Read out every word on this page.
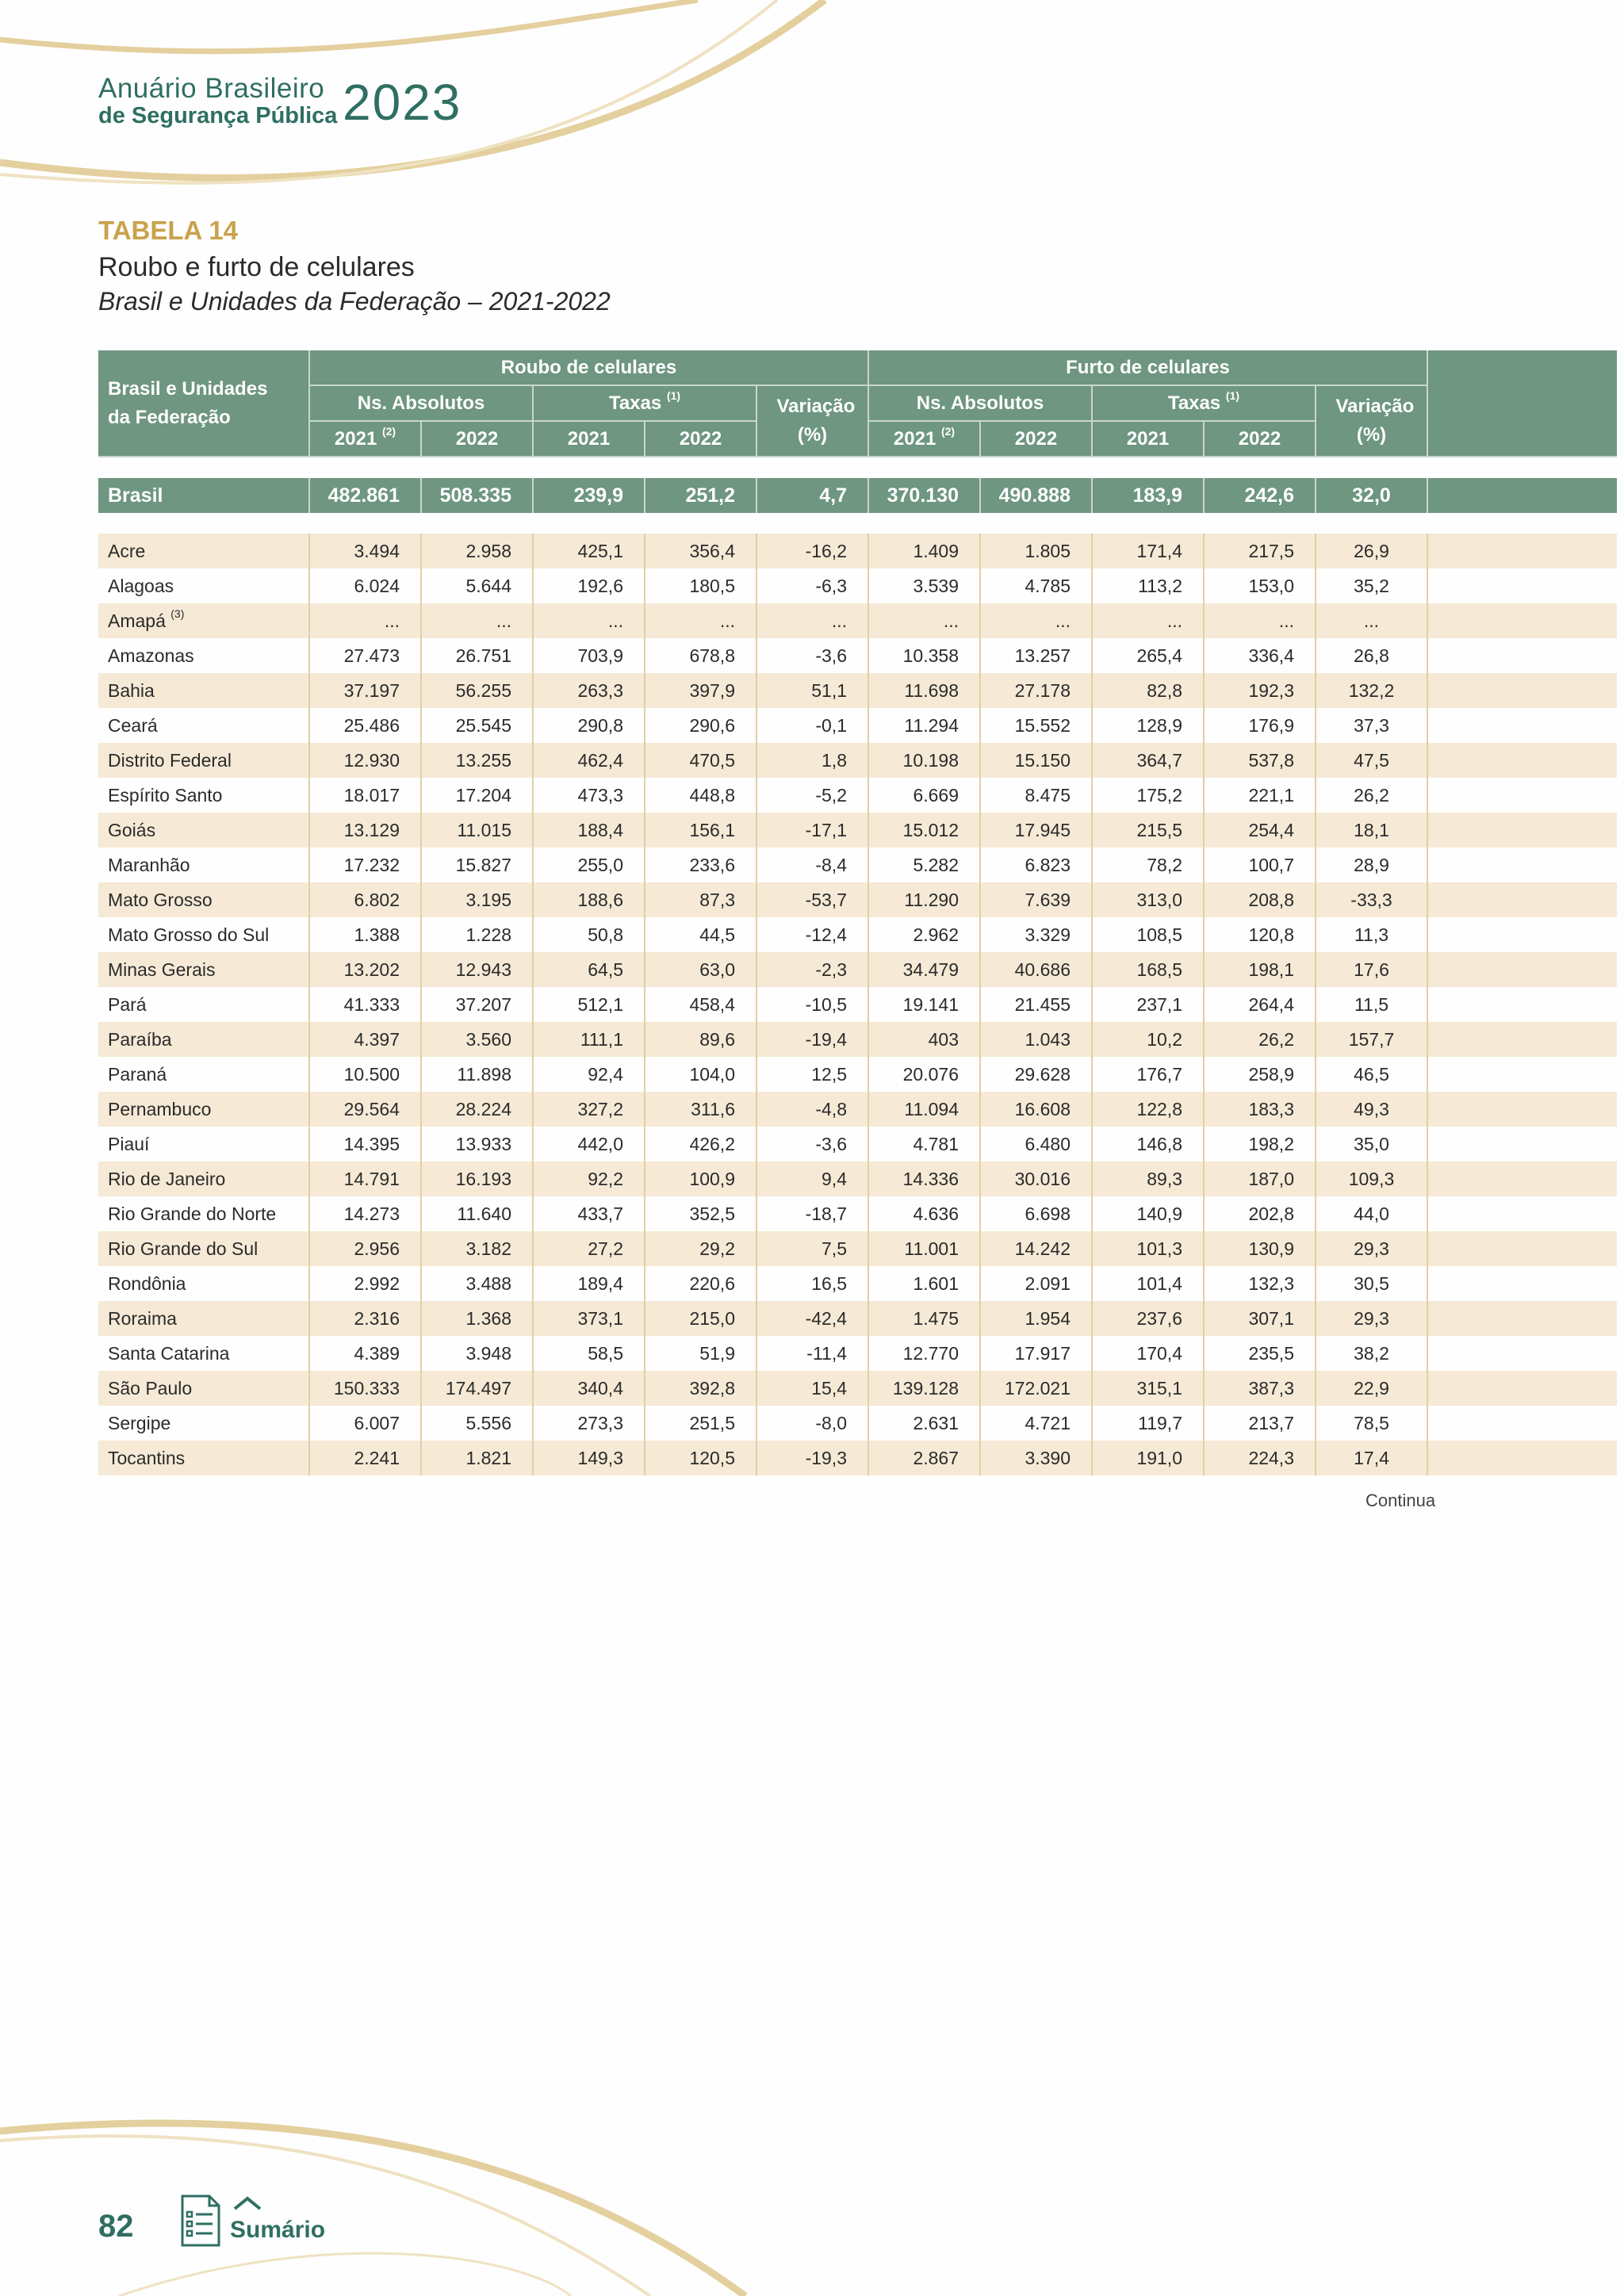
Anuário Brasileiro
de Segurança Pública 2023
TABELA 14
Roubo e furto de celulares
Brasil e Unidades da Federação – 2021-2022
Brasil e Unidades da Federação	Roubo de celulares					Furto de celulares					
	Ns. Absolutos		Taxas $^{(1)}$		Variação (%)	Ns. Absolutos		Taxas $^{(1)}$		Variação (%)	

	2021 $^{(2)}$	2022	2021	2022		2021 $^{(2)}$	2022	2021	2022		

Brasil	482.861	508.335	239,9	251,2	4,7	370.130	490.888	183,9	242,6	32,0	

Acre	3.494	2.958	425,1	356,4	-16,2	1.409	1.805	171,4	217,5	26,9	
Alagoas	6.024	5.644	192,6	180,5	-6,3	3.539	4.785	113,2	153,0	35,2	
Amapá $^{(3)}$	...	...	...	...	...	...	...	...	...	...	
Amazonas	27.473	26.751	703,9	678,8	-3,6	10.358	13.257	265,4	336,4	26,8	
Bahia	37.197	56.255	263,3	397,9	51,1	11.698	27.178	82,8	192,3	132,2	
Ceará	25.486	25.545	290,8	290,6	-0,1	11.294	15.552	128,9	176,9	37,3	
Distrito Federal	12.930	13.255	462,4	470,5	1,8	10.198	15.150	364,7	537,8	47,5	
Espírito Santo	18.017	17.204	473,3	448,8	-5,2	6.669	8.475	175,2	221,1	26,2	
Goiás	13.129	11.015	188,4	156,1	-17,1	15.012	17.945	215,5	254,4	18,1	
Maranhão	17.232	15.827	255,0	233,6	-8,4	5.282	6.823	78,2	100,7	28,9	
Mato Grosso	6.802	3.195	188,6	87,3	-53,7	11.290	7.639	313,0	208,8	-33,3	
Mato Grosso do Sul	1.388	1.228	50,8	44,5	-12,4	2.962	3.329	108,5	120,8	11,3	
Minas Gerais	13.202	12.943	64,5	63,0	-2,3	34.479	40.686	168,5	198,1	17,6	
Pará	41.333	37.207	512,1	458,4	-10,5	19.141	21.455	237,1	264,4	11,5	
Paraíba	4.397	3.560	111,1	89,6	-19,4	403	1.043	10,2	26,2	157,7	
Paraná	10.500	11.898	92,4	104,0	12,5	20.076	29.628	176,7	258,9	46,5	
Pernambuco	29.564	28.224	327,2	311,6	-4,8	11.094	16.608	122,8	183,3	49,3	
Piauí	14.395	13.933	442,0	426,2	-3,6	4.781	6.480	146,8	198,2	35,0	
Rio de Janeiro	14.791	16.193	92,2	100,9	9,4	14.336	30.016	89,3	187,0	109,3	
Rio Grande do Norte	14.273	11.640	433,7	352,5	-18,7	4.636	6.698	140,9	202,8	44,0	
Rio Grande do Sul	2.956	3.182	27,2	29,2	7,5	11.001	14.242	101,3	130,9	29,3	
Rondônia	2.992	3.488	189,4	220,6	16,5	1.601	2.091	101,4	132,3	30,5	
Roraima	2.316	1.368	373,1	215,0	-42,4	1.475	1.954	237,6	307,1	29,3	
Santa Catarina	4.389	3.948	58,5	51,9	-11,4	12.770	17.917	170,4	235,5	38,2	
São Paulo	150.333	174.497	340,4	392,8	15,4	139.128	172.021	315,1	387,3	22,9	
Sergipe	6.007	5.556	273,3	251,5	-8,0	2.631	4.721	119,7	213,7	78,5	
Tocantins	2.241	1.821	149,3	120,5	-19,3	2.867	3.390	191,0	224,3	17,4	
Continua
82	Sumário
